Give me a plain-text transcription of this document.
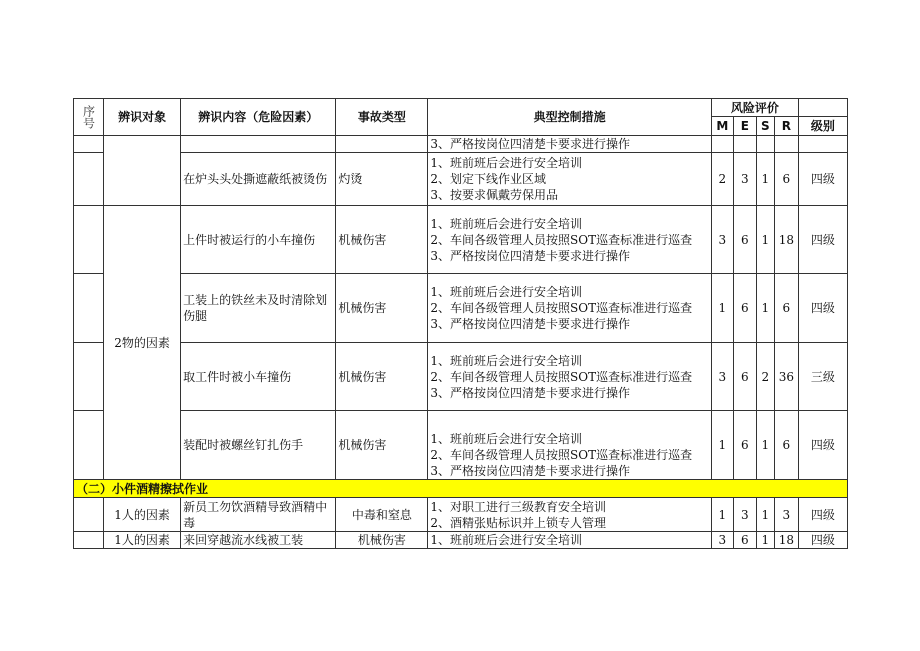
序号	辨识对象	辨识内容（危险因素）	事故类型	典型控制措施	风险评价				
					M	E	S	R	级别

				3、严格按岗位四清楚卡要求进行操作					

		在炉头头处撕遮蔽纸被烫伤	灼烫	1、班前班后会进行安全培训
2、划定下线作业区域
3、按要求佩戴劳保用品	2	3	1	6	四级
	2物的因素	上件时被运行的小车撞伤	机械伤害	1、班前班后会进行安全培训
2、车间各级管理人员按照SOT巡查标准进行巡查
3、严格按岗位四清楚卡要求进行操作	3	6	1	18	四级
		工装上的铁丝未及时清除划伤腿	机械伤害	1、班前班后会进行安全培训
2、车间各级管理人员按照SOT巡查标准进行巡查
3、严格按岗位四清楚卡要求进行操作	1	6	1	6	四级
		取工件时被小车撞伤	机械伤害	1、班前班后会进行安全培训
2、车间各级管理人员按照SOT巡查标准进行巡查
3、严格按岗位四清楚卡要求进行操作	3	6	2	36	三级
		装配时被螺丝钉扎伤手	机械伤害	1、班前班后会进行安全培训
2、车间各级管理人员按照SOT巡查标准进行巡查
3、严格按岗位四清楚卡要求进行操作	1	6	1	6	四级
（二）小件酒精擦拭作业									
	1人的因素	新员工勿饮酒精导致酒精中毒	中毒和窒息	1、对职工进行三级教育安全培训
2、酒精张贴标识并上锁专人管理	1	3	1	3	四级
	1人的因素	来回穿越流水线被工装	机械伤害	1、班前班后会进行安全培训	3	6	1	18	四级
